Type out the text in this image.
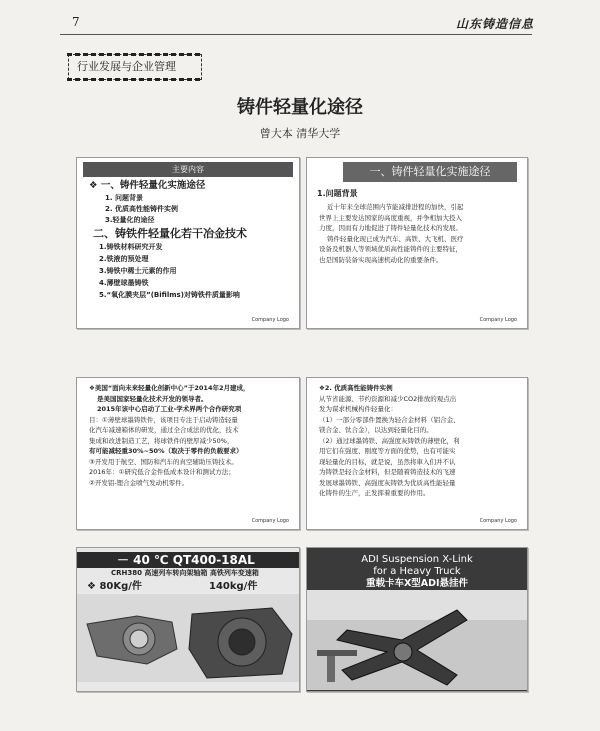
7	山东铸造信息
行业发展与企业管理
铸件轻量化途径
曾大本 清华大学
主要内容
❖ 一、铸件轻量化实施途径
1. 问题背景
2. 优质高性能铸件实例
3.轻量化的途径
二、铸铁件轻量化若干冶金技术
1.铸铁材料研究开发
2.铁液的预处理
3.铸铁中稀土元素的作用
4.薄壁球墨铸铁
5.“氧化膜夹层”(Bifilms)对铸铁件质量影响
Company Logo
一、铸件轻量化实施途径
1.问题背景
近十年来全球范围内节能减排进程的加快，引起
世界上主要发达国家的高度重视，并争相加大投入
力度，因而有力地促进了铸件轻量化技术的发展。
铸件轻量化现已成为汽车、高铁、大飞机、医疗
设备及机器人等领域优质高性能铸件的主要特征，
也是国防装备实现高速机动化的重要条件。
Company Logo
❖美国“面向未来轻量化创新中心”于2014年2月建成，
是美国国家轻量化技术开发的领导者。
2015年该中心启动了工业-学术界两个合作研究项
目：①薄壁球墨铸铁件，该项目专注于启动铸造轻量
化汽车减速箱体的研发，通过全合成法的优化，技术
集成和改进制造工艺，将球铁件的壁厚减少50%，
有可能减轻重30%~50%（取决于零件的负载要求）
③开发用于航空、国防和汽车的真空辅助压铸技术。
2016年：①研究低合金件低成本设计和测试方法；
②开发铝-锂合金喷气发动机零件。
Company Logo
❖2. 优质高性能铸件实例
从节省能源、节约资源和减少CO2排放的观点出
发为谋求机械构件轻量化：
（1）一部分零部件置换为轻合金材料（铝合金、
镁合金、钛合金），以达到轻量化目的。
（2）通过球墨铸铁、高强度灰铸铁的薄壁化，利
用它们在强度、刚度等方面的优势，也有可能实
现轻量化的目标，就是说，虽然将車入们并不认
为铸铁是轻合金材料，但是随着铸造技术的飞速
发展球墨铸铁、高强度灰铸铁为优质高性能轻量
化铸件的生产，正发挥着重要的作用。
Company Logo
－ 40 ℃ QT400-18AL
CRH380 高速列车转向架轴箱 高铁列车变速箱
❖ 80Kg/件	140kg/件
ADI Suspension X-Link
for a Heavy Truck
重载卡车X型ADI悬挂件
